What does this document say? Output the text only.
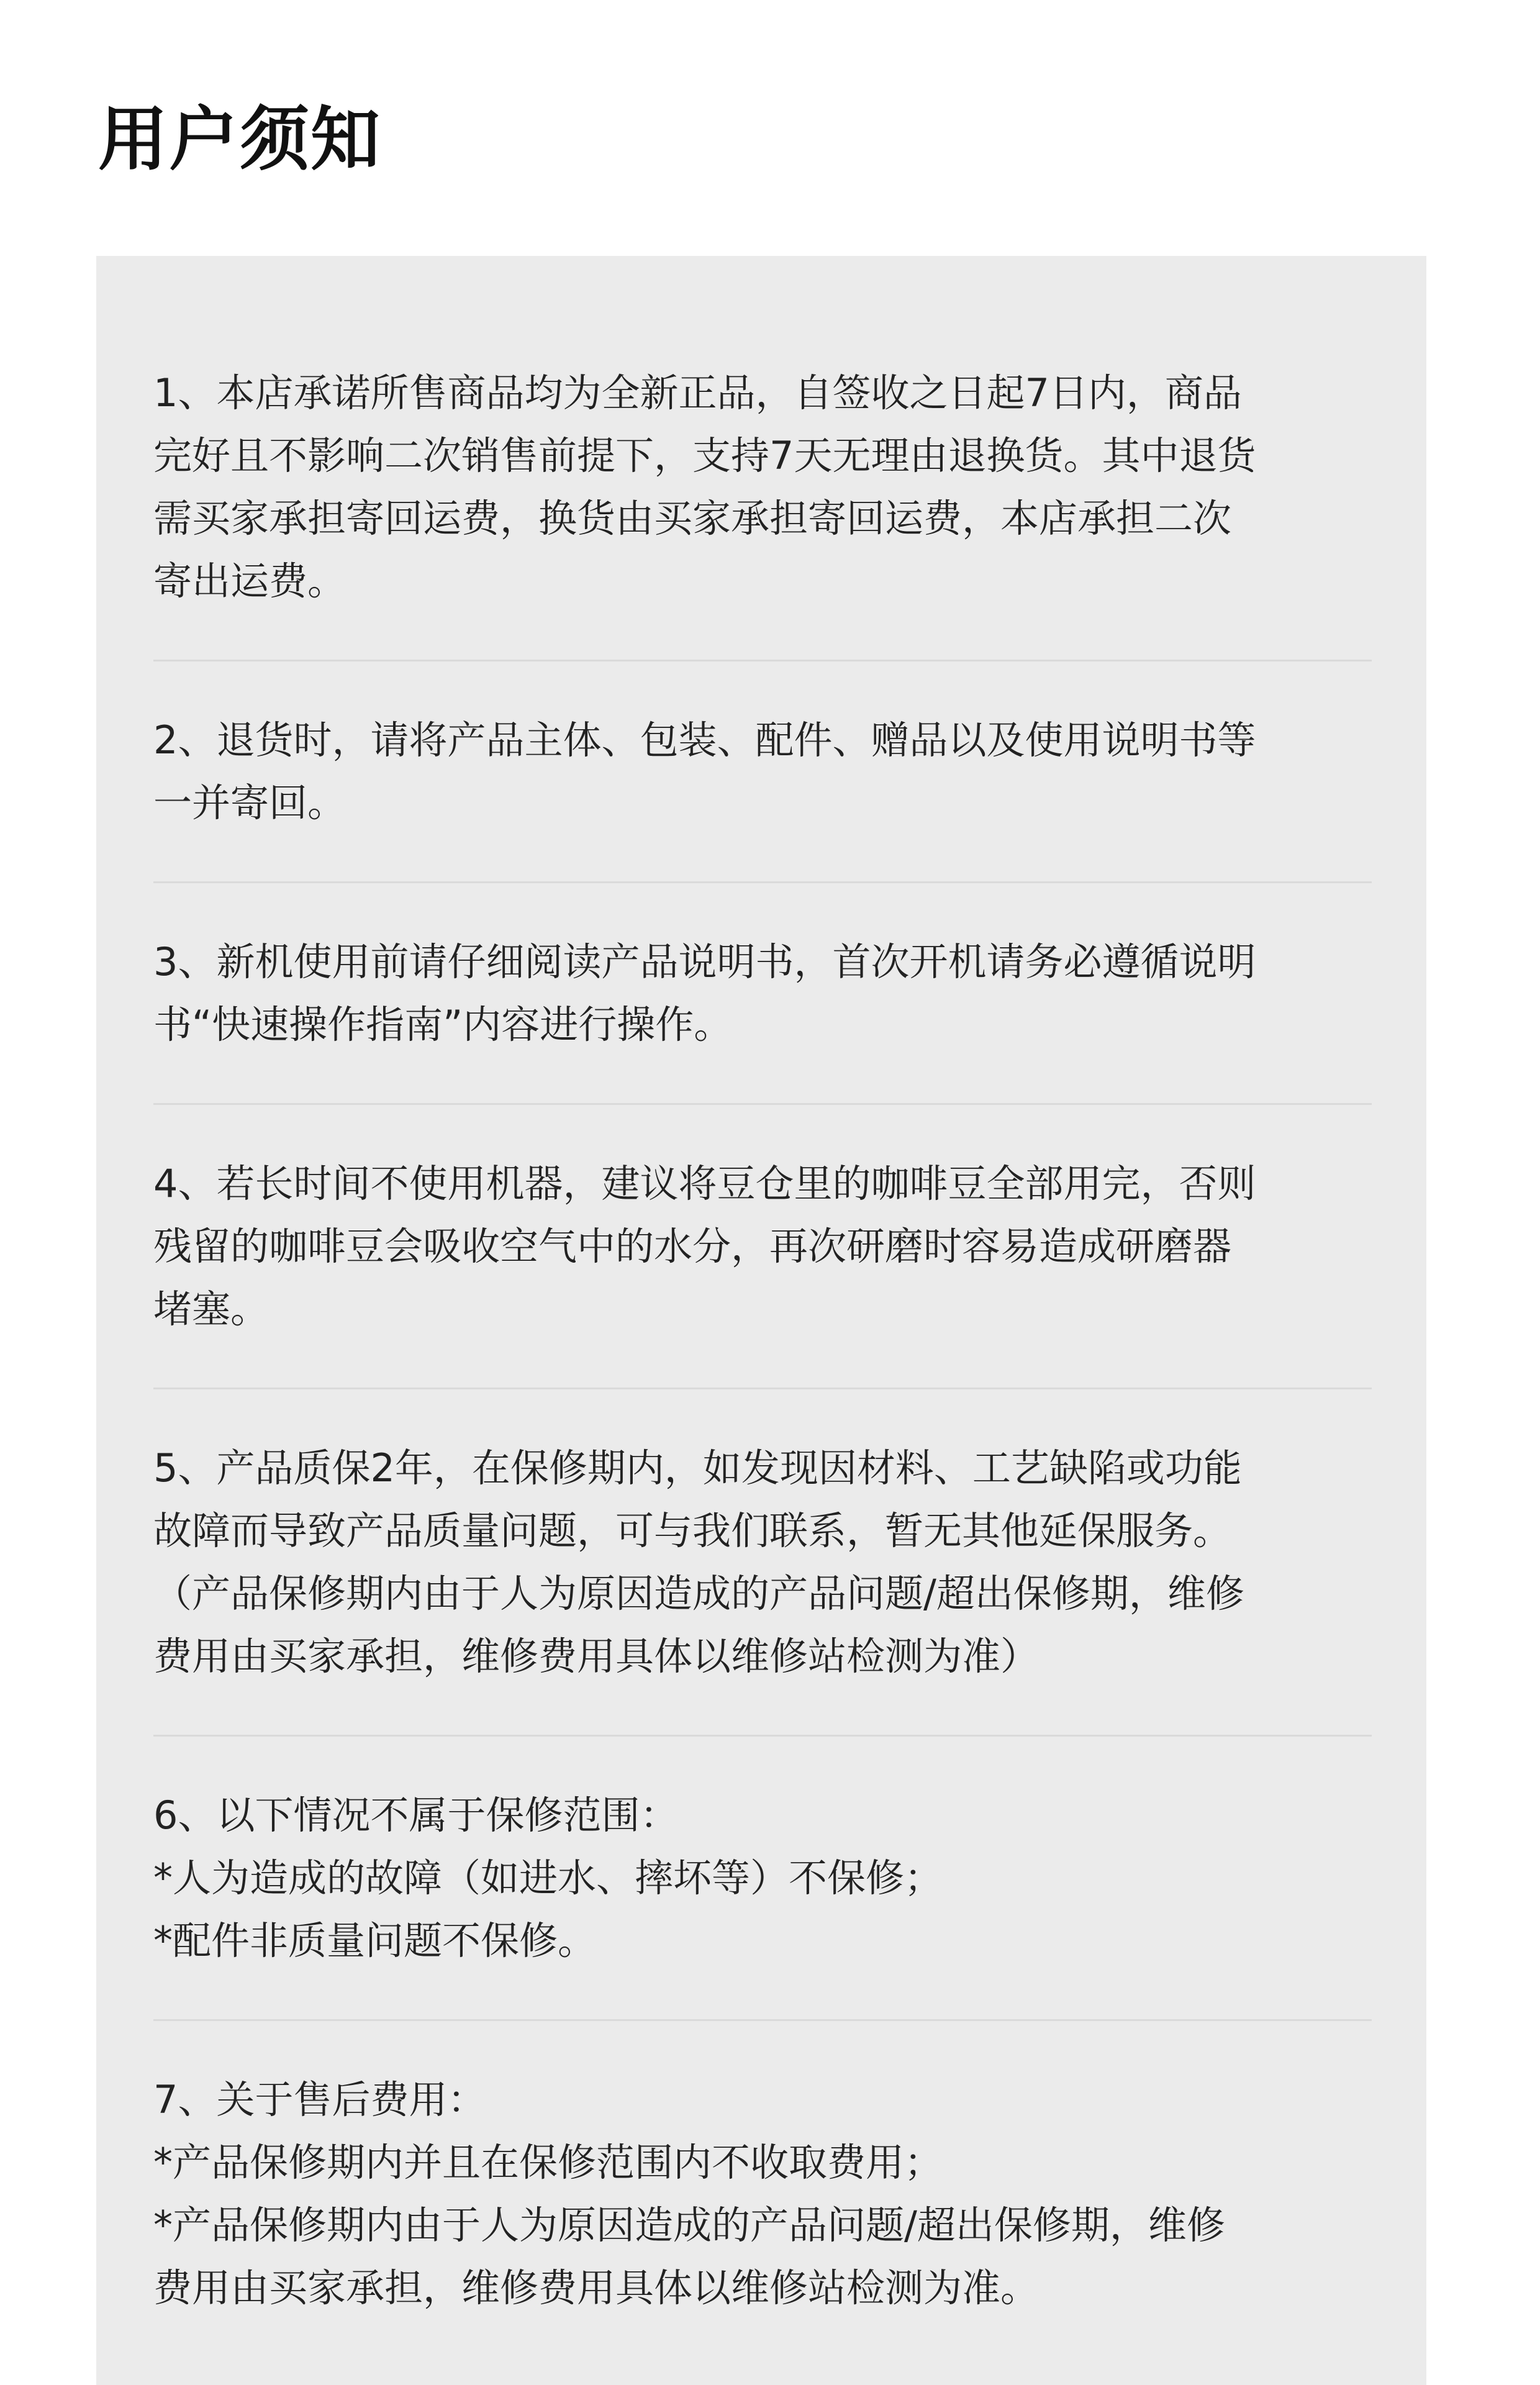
用户须知
1、本店承诺所售商品均为全新正品，自签收之日起7日内，商品
完好且不影响二次销售前提下，支持7天无理由退换货。其中退货
需买家承担寄回运费，换货由买家承担寄回运费，本店承担二次
寄出运费。
2、退货时，请将产品主体、包装、配件、赠品以及使用说明书等
一并寄回。
3、新机使用前请仔细阅读产品说明书，首次开机请务必遵循说明
书“快速操作指南”内容进行操作。
4、若长时间不使用机器，建议将豆仓里的咖啡豆全部用完，否则
残留的咖啡豆会吸收空气中的水分，再次研磨时容易造成研磨器
堵塞。
5、产品质保2年，在保修期内，如发现因材料、工艺缺陷或功能
故障而导致产品质量问题，可与我们联系，暂无其他延保服务。
（产品保修期内由于人为原因造成的产品问题/超出保修期，维修
费用由买家承担，维修费用具体以维修站检测为准）
6、以下情况不属于保修范围：
*人为造成的故障（如进水、摔坏等）不保修；
*配件非质量问题不保修。
7、关于售后费用：
*产品保修期内并且在保修范围内不收取费用；
*产品保修期内由于人为原因造成的产品问题/超出保修期，维修
费用由买家承担，维修费用具体以维修站检测为准。
